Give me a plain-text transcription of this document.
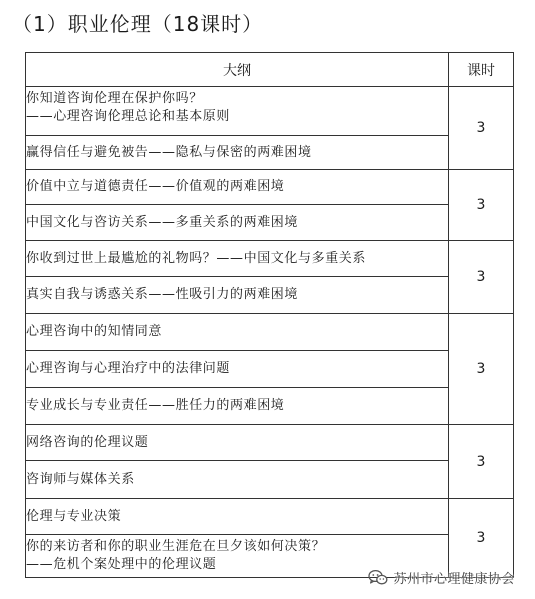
（1）职业伦理（18课时）
大纲	课时

你知道咨询伦理在保护你吗？
——心理咨询伦理总论和基本原则
赢得信任与避免被告——隐私与保密的两难困境	3

价值中立与道德责任——价值观的两难困境
中国文化与咨访关系——多重关系的两难困境	3

你收到过世上最尴尬的礼物吗？——中国文化与多重关系
真实自我与诱惑关系——性吸引力的两难困境	3

心理咨询中的知情同意
心理咨询与心理治疗中的法律问题
专业成长与专业责任——胜任力的两难困境	3

网络咨询的伦理议题
咨询师与媒体关系	3

伦理与专业决策
你的来访者和你的职业生涯危在旦夕该如何决策？
——危机个案处理中的伦理议题	3
苏州市心理健康协会
